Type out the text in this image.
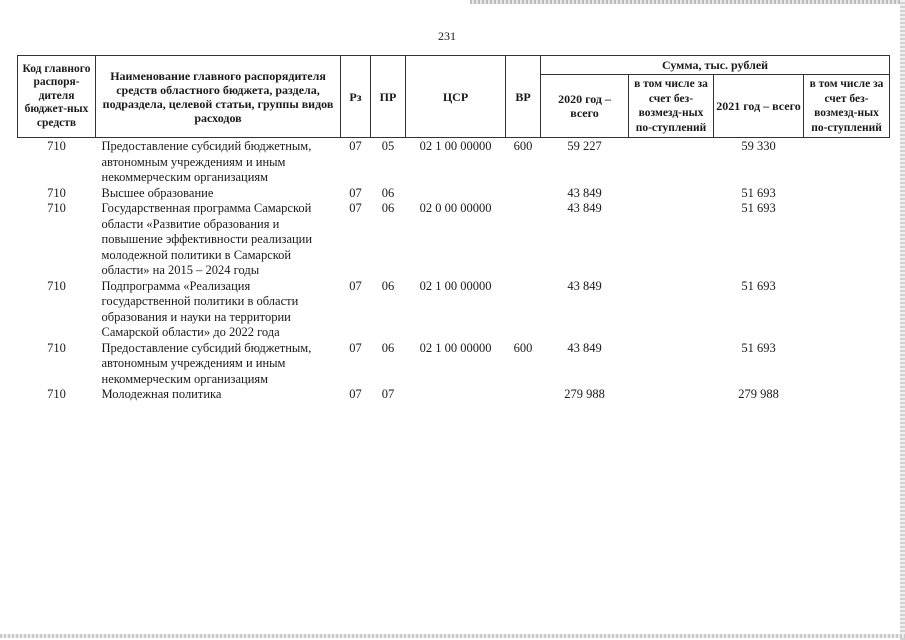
231
Код главного распоря-дителя бюджет-ных средств	Наименование главного распорядителя средств областного бюджета, раздела, подраздела, целевой статьи, группы видов расходов	Рз	ПР	ЦСР	ВР	Сумма, тыс. рублей			
						2020 год – всего	в том числе за счет без-возмезд-ных по-ступлений	2021 год – всего	в том числе за счет без-возмезд-ных по-ступлений
710	Предоставление субсидий бюджетным, автономным учреждениям и иным некоммерческим организациям	07	05	02 1 00 00000	600	59 227		59 330	
710	Высшее образование	07	06			43 849		51 693	
710	Государственная программа Самарской области «Развитие образования и повышение эффективности реализации молодежной политики в Самарской области» на 2015 – 2024 годы	07	06	02 0 00 00000		43 849		51 693	
710	Подпрограмма «Реализация государственной политики в области образования и науки на территории Самарской области» до 2022 года	07	06	02 1 00 00000		43 849		51 693	
710	Предоставление субсидий бюджетным, автономным учреждениям и иным некоммерческим организациям	07	06	02 1 00 00000	600	43 849		51 693	
710	Молодежная политика	07	07			279 988		279 988	
